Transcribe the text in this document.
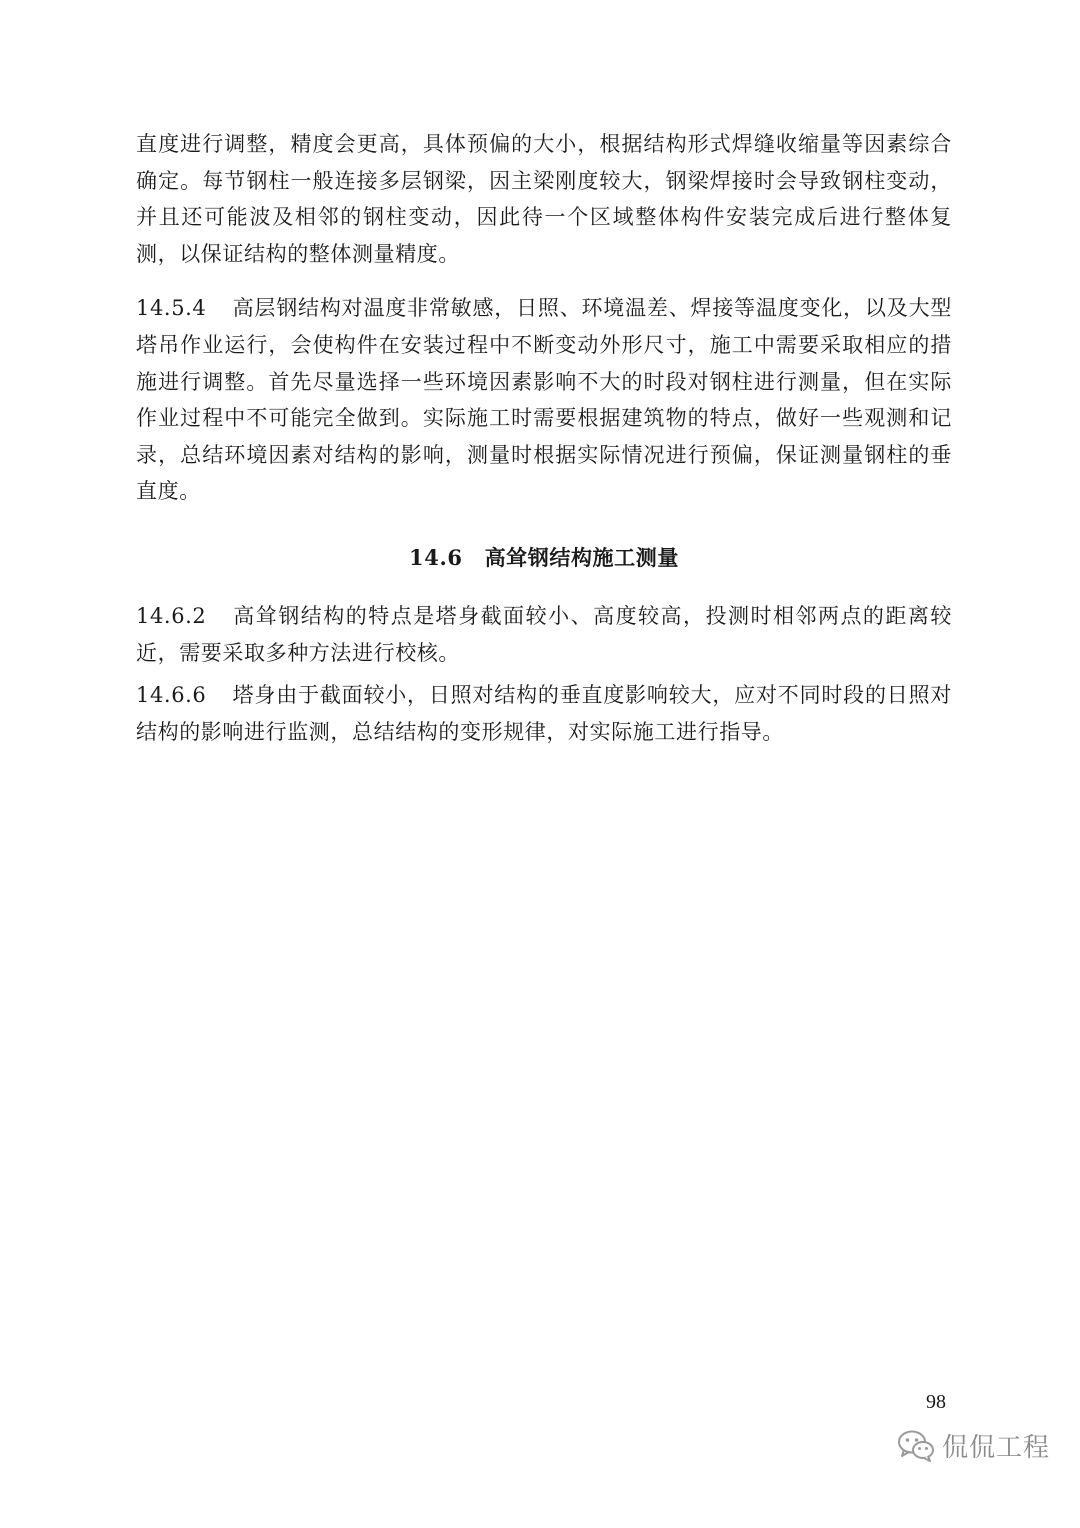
直度进行调整，精度会更高，具体预偏的大小，根据结构形式焊缝收缩量等因素综合确定。每节钢柱一般连接多层钢梁，因主梁刚度较大，钢梁焊接时会导致钢柱变动，并且还可能波及相邻的钢柱变动，因此待一个区域整体构件安装完成后进行整体复测，以保证结构的整体测量精度。

14.5.4 高层钢结构对温度非常敏感，日照、环境温差、焊接等温度变化，以及大型塔吊作业运行，会使构件在安装过程中不断变动外形尺寸，施工中需要采取相应的措施进行调整。首先尽量选择一些环境因素影响不大的时段对钢柱进行测量，但在实际作业过程中不可能完全做到。实际施工时需要根据建筑物的特点，做好一些观测和记录，总结环境因素对结构的影响，测量时根据实际情况进行预偏，保证测量钢柱的垂直度。

14.6 高耸钢结构施工测量

14.6.2 高耸钢结构的特点是塔身截面较小、高度较高，投测时相邻两点的距离较近，需要采取多种方法进行校核。

14.6.6 塔身由于截面较小，日照对结构的垂直度影响较大，应对不同时段的日照对结构的影响进行监测，总结结构的变形规律，对实际施工进行指导。

98
侃侃工程
